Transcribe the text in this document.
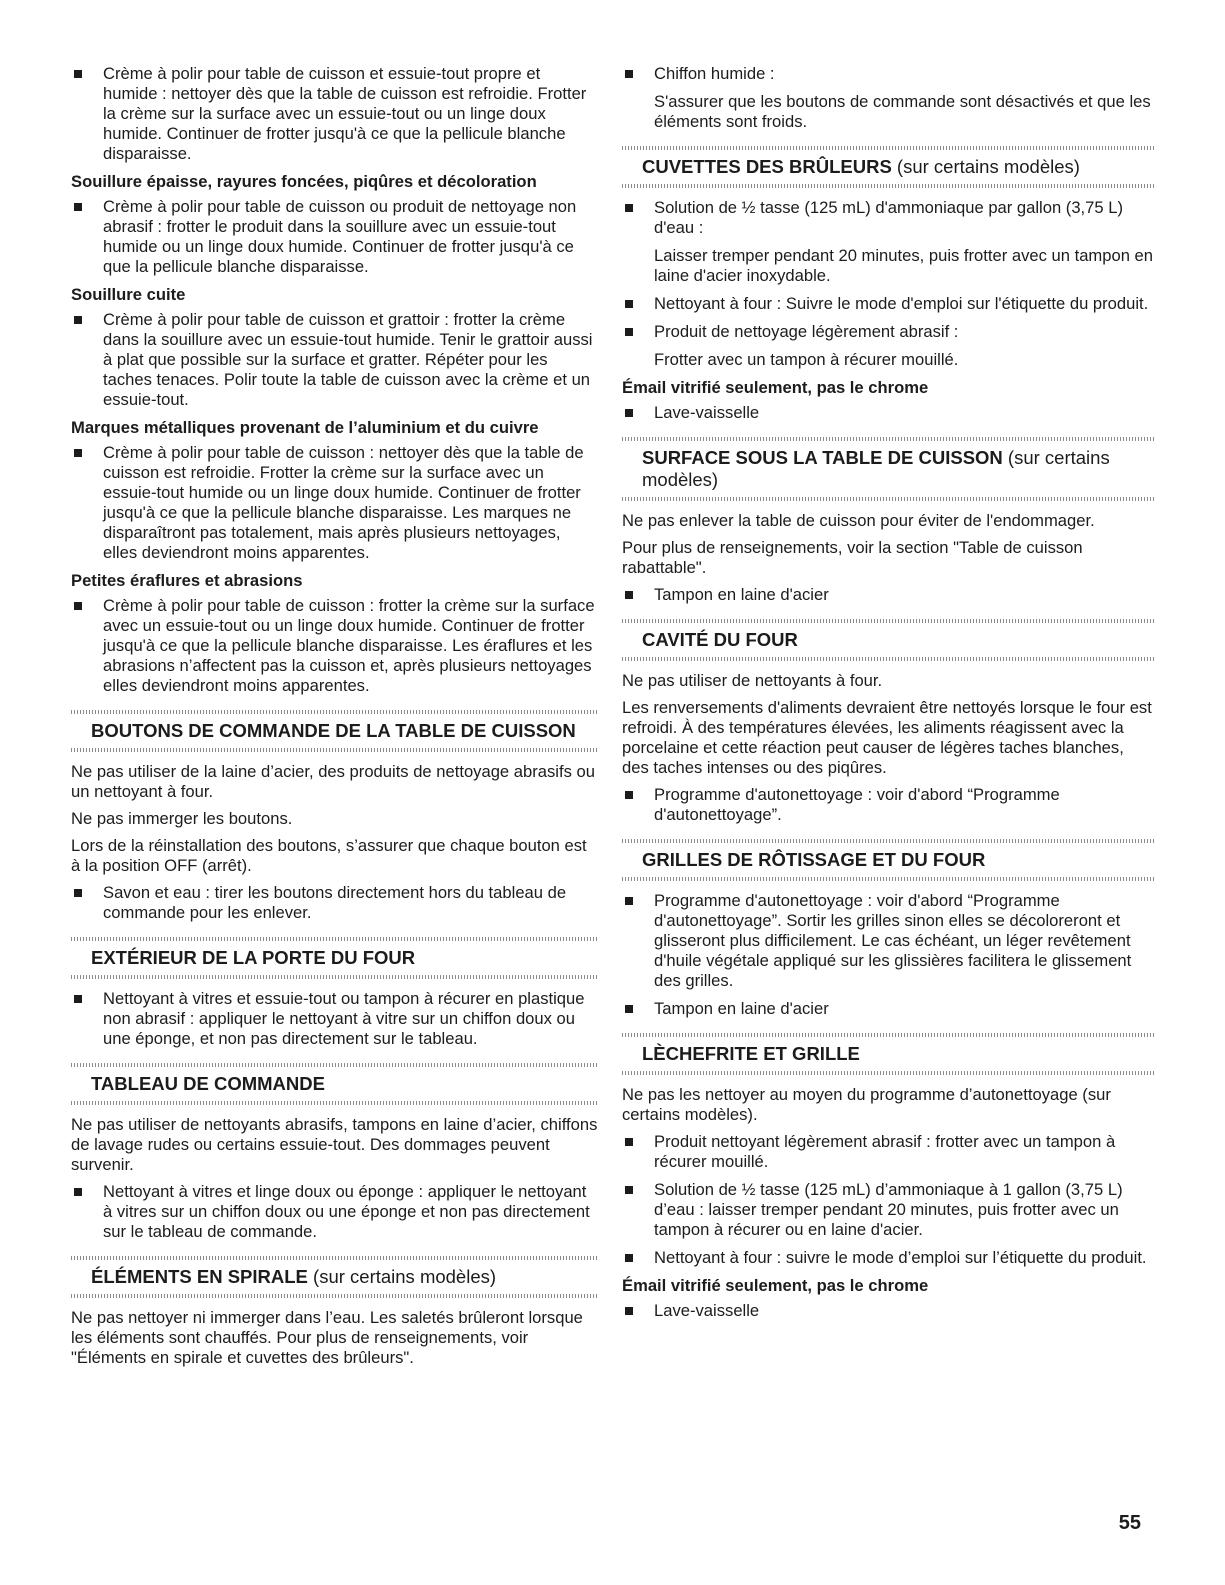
Crème à polir pour table de cuisson et essuie-tout propre et humide : nettoyer dès que la table de cuisson est refroidie. Frotter la crème sur la surface avec un essuie-tout ou un linge doux humide. Continuer de frotter jusqu'à ce que la pellicule blanche disparaisse.
Souillure épaisse, rayures foncées, piqûres et décoloration
Crème à polir pour table de cuisson ou produit de nettoyage non abrasif : frotter le produit dans la souillure avec un essuie-tout humide ou un linge doux humide. Continuer de frotter jusqu'à ce que la pellicule blanche disparaisse.
Souillure cuite
Crème à polir pour table de cuisson et grattoir : frotter la crème dans la souillure avec un essuie-tout humide. Tenir le grattoir aussi à plat que possible sur la surface et gratter. Répéter pour les taches tenaces. Polir toute la table de cuisson avec la crème et un essuie-tout.
Marques métalliques provenant de l’aluminium et du cuivre
Crème à polir pour table de cuisson : nettoyer dès que la table de cuisson est refroidie. Frotter la crème sur la surface avec un essuie-tout humide ou un linge doux humide. Continuer de frotter jusqu'à ce que la pellicule blanche disparaisse. Les marques ne disparaîtront pas totalement, mais après plusieurs nettoyages, elles deviendront moins apparentes.
Petites éraflures et abrasions
Crème à polir pour table de cuisson : frotter la crème sur la surface avec un essuie-tout ou un linge doux humide. Continuer de frotter jusqu'à ce que la pellicule blanche disparaisse. Les éraflures et les abrasions n’affectent pas la cuisson et, après plusieurs nettoyages elles deviendront moins apparentes.
BOUTONS DE COMMANDE DE LA TABLE DE CUISSON
Ne pas utiliser de la laine d’acier, des produits de nettoyage abrasifs ou un nettoyant à four.
Ne pas immerger les boutons.
Lors de la réinstallation des boutons, s’assurer que chaque bouton est à la position OFF (arrêt).
Savon et eau : tirer les boutons directement hors du tableau de commande pour les enlever.
EXTÉRIEUR DE LA PORTE DU FOUR
Nettoyant à vitres et essuie-tout ou tampon à récurer en plastique non abrasif : appliquer le nettoyant à vitre sur un chiffon doux ou une éponge, et non pas directement sur le tableau.
TABLEAU DE COMMANDE
Ne pas utiliser de nettoyants abrasifs, tampons en laine d’acier, chiffons de lavage rudes ou certains essuie-tout. Des dommages peuvent survenir.
Nettoyant à vitres et linge doux ou éponge : appliquer le nettoyant à vitres sur un chiffon doux ou une éponge et non pas directement sur le tableau de commande.
ÉLÉMENTS EN SPIRALE (sur certains modèles)
Ne pas nettoyer ni immerger dans l’eau. Les saletés brûleront lorsque les éléments sont chauffés. Pour plus de renseignements, voir "Éléments en spirale et cuvettes des brûleurs".
Chiffon humide :
S'assurer que les boutons de commande sont désactivés et que les éléments sont froids.
CUVETTES DES BRÛLEURS (sur certains modèles)
Solution de ½ tasse (125 mL) d'ammoniaque par gallon (3,75 L) d'eau :
Laisser tremper pendant 20 minutes, puis frotter avec un tampon en laine d'acier inoxydable.
Nettoyant à four : Suivre le mode d'emploi sur l'étiquette du produit.
Produit de nettoyage légèrement abrasif :
Frotter avec un tampon à récurer mouillé.
Émail vitrifié seulement, pas le chrome
Lave-vaisselle
SURFACE SOUS LA TABLE DE CUISSON (sur certains modèles)
Ne pas enlever la table de cuisson pour éviter de l'endommager.
Pour plus de renseignements, voir la section "Table de cuisson rabattable".
Tampon en laine d'acier
CAVITÉ DU FOUR
Ne pas utiliser de nettoyants à four.
Les renversements d'aliments devraient être nettoyés lorsque le four est refroidi. À des températures élevées, les aliments réagissent avec la porcelaine et cette réaction peut causer de légères taches blanches, des taches intenses ou des piqûres.
Programme d'autonettoyage : voir d'abord “Programme d'autonettoyage”.
GRILLES DE RÔTISSAGE ET DU FOUR
Programme d'autonettoyage : voir d'abord “Programme d'autonettoyage”. Sortir les grilles sinon elles se décoloreront et glisseront plus difficilement. Le cas échéant, un léger revêtement d'huile végétale appliqué sur les glissières facilitera le glissement des grilles.
Tampon en laine d'acier
LÈCHEFRITE ET GRILLE
Ne pas les nettoyer au moyen du programme d’autonettoyage (sur certains modèles).
Produit nettoyant légèrement abrasif : frotter avec un tampon à récurer mouillé.
Solution de ½ tasse (125 mL) d’ammoniaque à 1 gallon (3,75 L) d’eau : laisser tremper pendant 20 minutes, puis frotter avec un tampon à récurer ou en laine d'acier.
Nettoyant à four : suivre le mode d’emploi sur l’étiquette du produit.
Émail vitrifié seulement, pas le chrome
Lave-vaisselle
55
